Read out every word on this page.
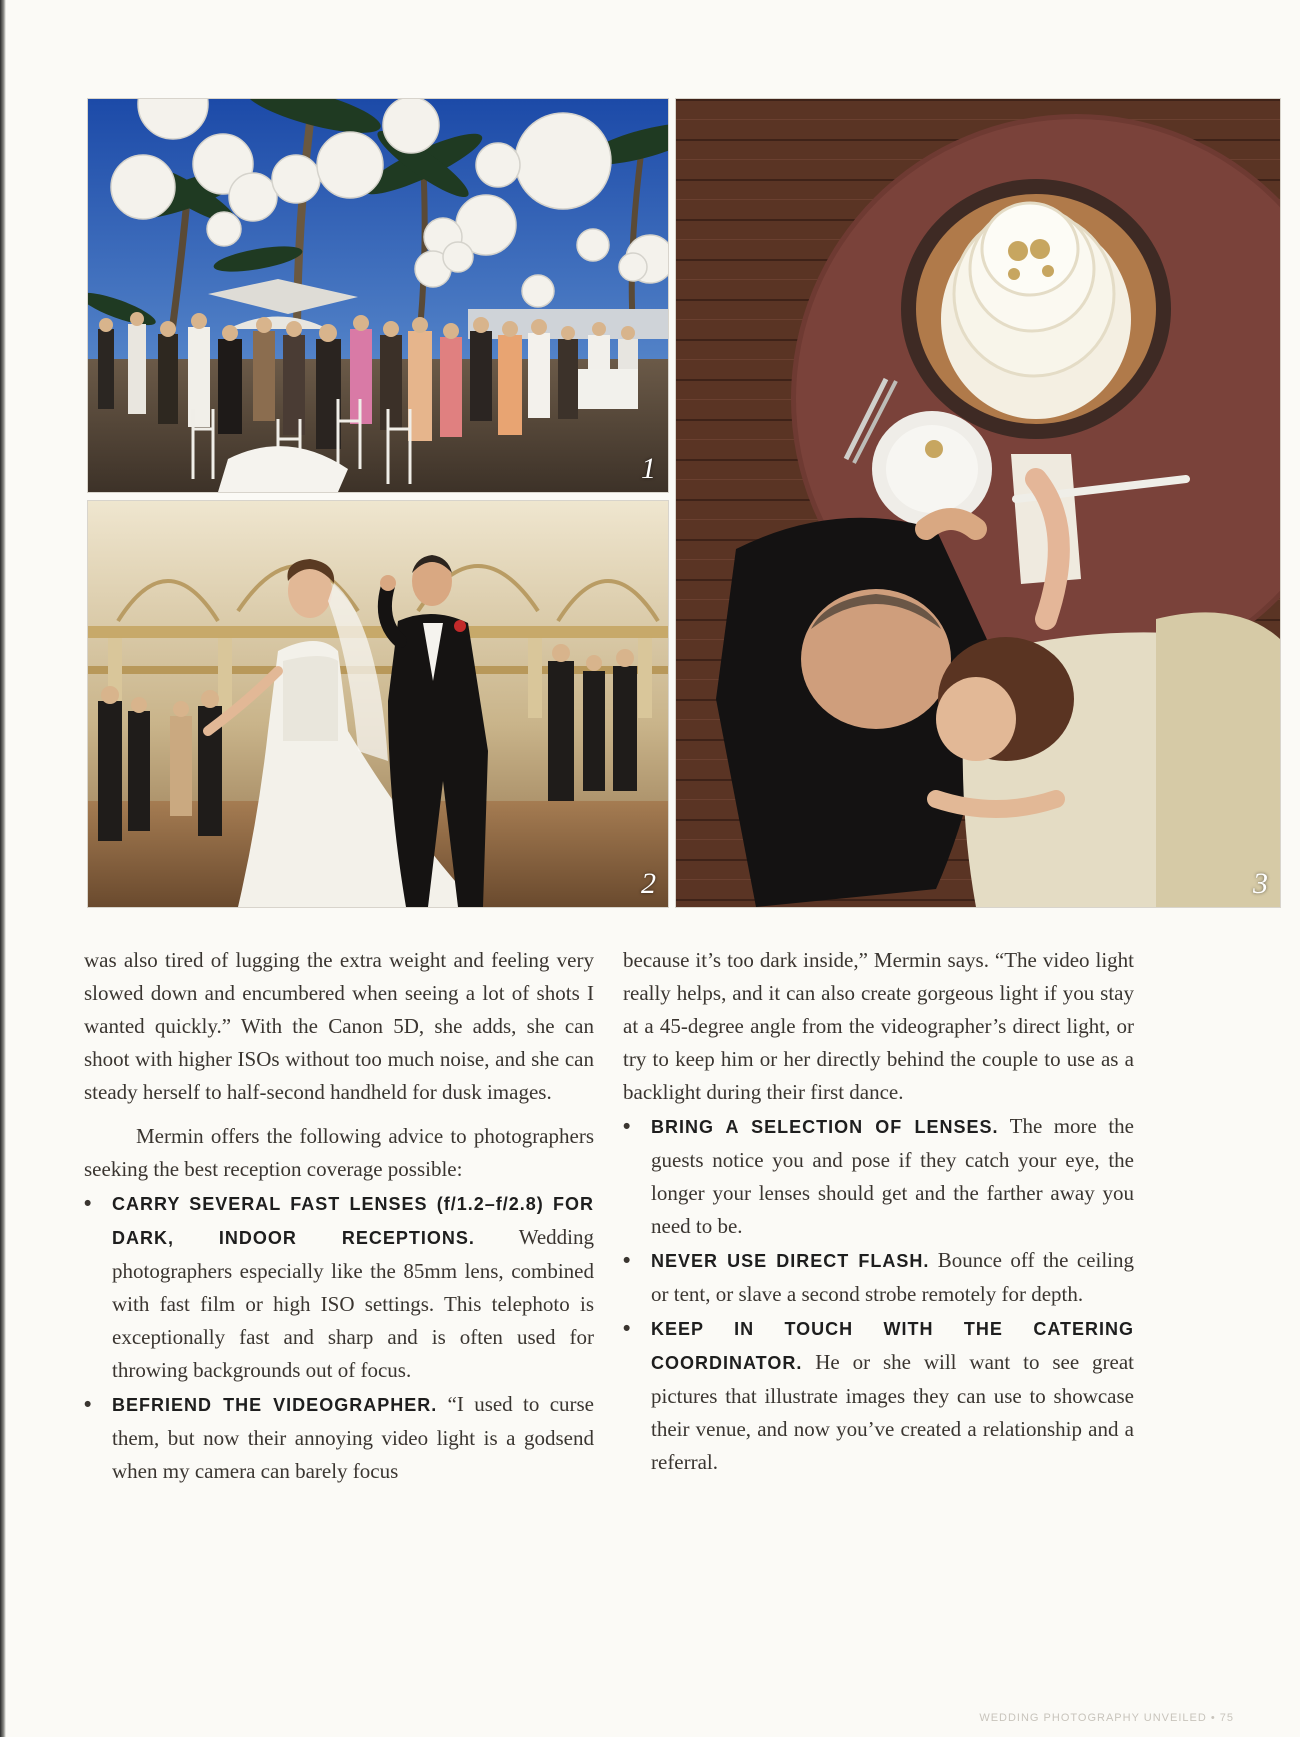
1
2	3

was also tired of lugging the extra weight and feeling very slowed down and encumbered when seeing a lot of shots I wanted quickly.” With the Canon 5D, she adds, she can shoot with higher ISOs without too much noise, and she can steady herself to half-second handheld for dusk images.

Mermin offers the following advice to photographers seeking the best reception coverage possible:

• CARRY SEVERAL FAST LENSES (f/1.2–f/2.8) FOR DARK, INDOOR RECEPTIONS. Wedding photographers especially like the 85mm lens, combined with fast film or high ISO settings. This telephoto is exceptionally fast and sharp and is often used for throwing backgrounds out of focus.
• BEFRIEND THE VIDEOGRAPHER. “I used to curse them, but now their annoying video light is a godsend when my camera can barely focus

because it’s too dark inside,” Mermin says. “The video light really helps, and it can also create gorgeous light if you stay at a 45-degree angle from the videographer’s direct light, or try to keep him or her directly behind the couple to use as a backlight during their first dance.

• BRING A SELECTION OF LENSES. The more the guests notice you and pose if they catch your eye, the longer your lenses should get and the farther away you need to be.
• NEVER USE DIRECT FLASH. Bounce off the ceiling or tent, or slave a second strobe remotely for depth.
• KEEP IN TOUCH WITH THE CATERING COORDINATOR. He or she will want to see great pictures that illustrate images they can use to showcase their venue, and now you’ve created a relationship and a referral.
WEDDING PHOTOGRAPHY UNVEILED • 75
